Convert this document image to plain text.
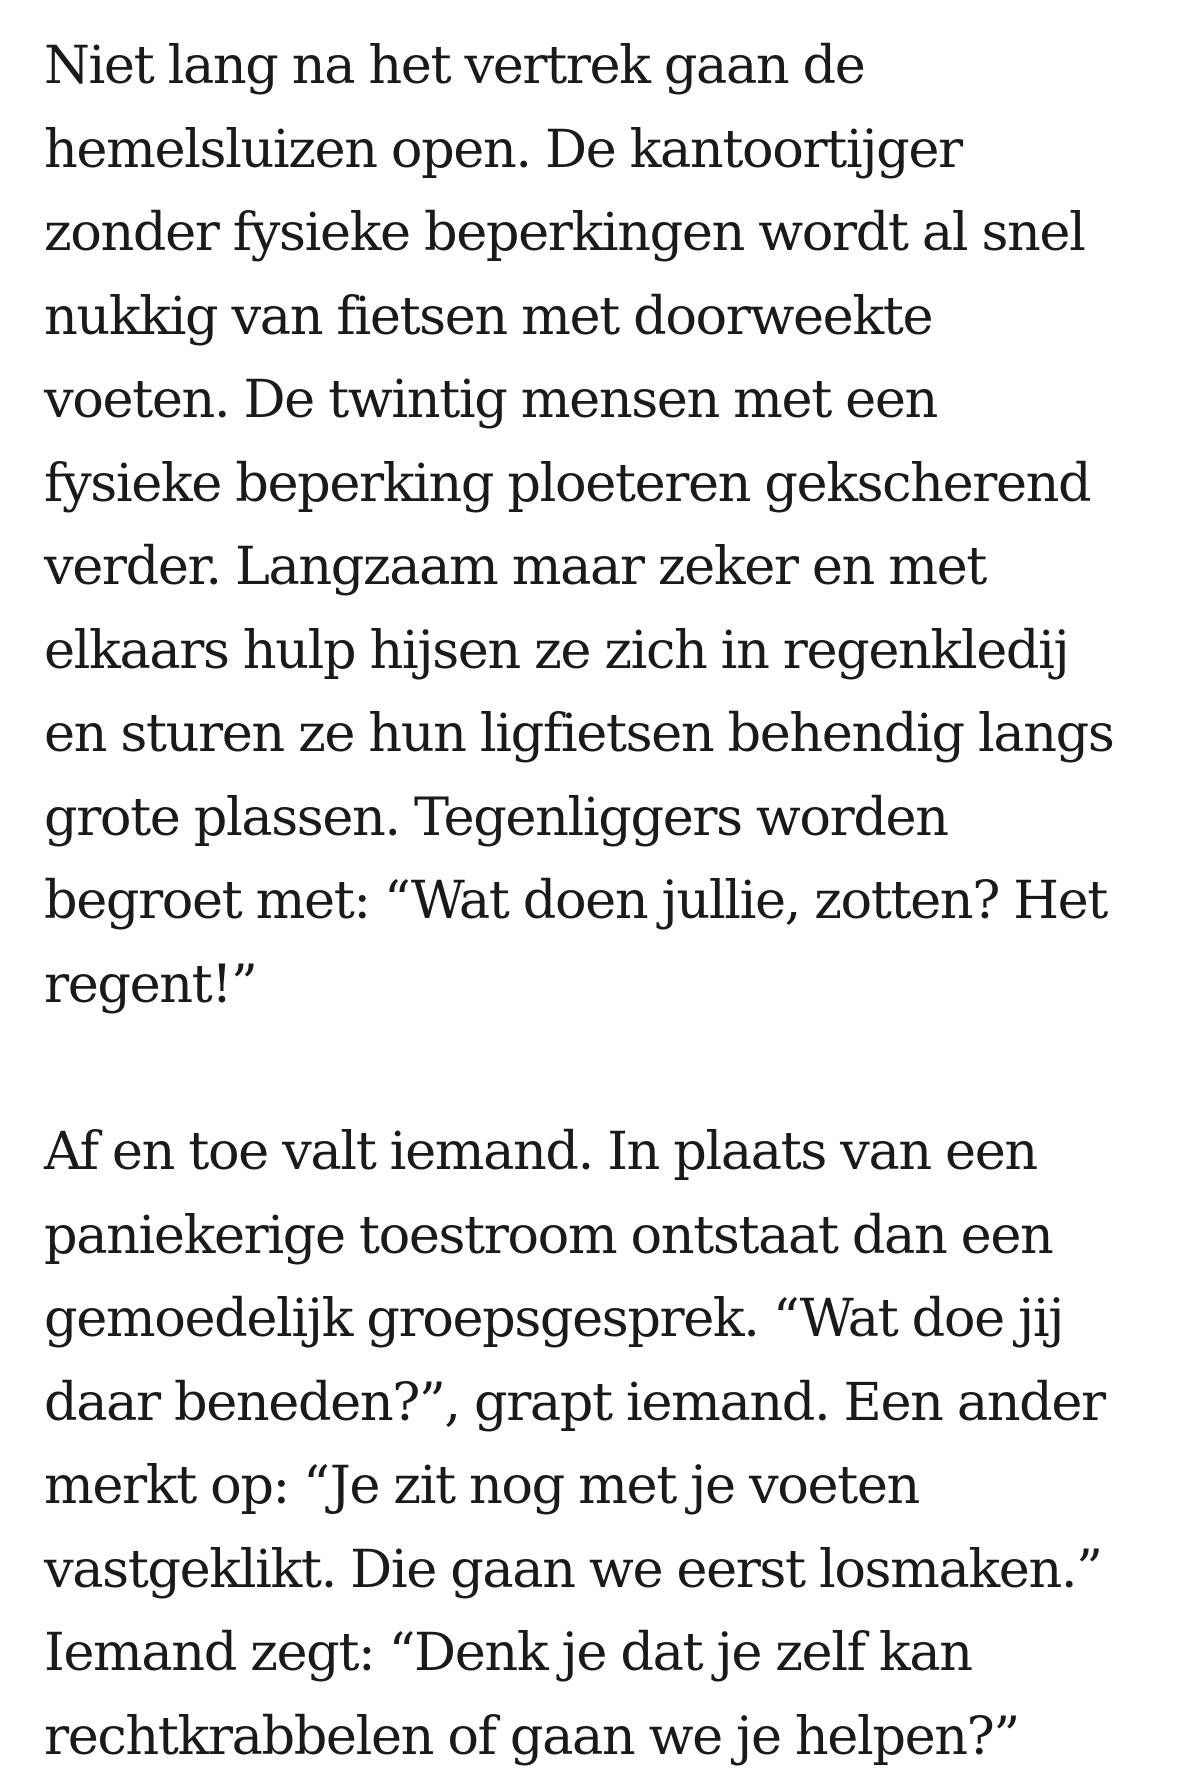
Niet lang na het vertrek gaan de
hemelsluizen open. De kantoortijger
zonder fysieke beperkingen wordt al snel
nukkig van fietsen met doorweekte
voeten. De twintig mensen met een
fysieke beperking ploeteren gekscherend
verder. Langzaam maar zeker en met
elkaars hulp hijsen ze zich in regenkledij
en sturen ze hun ligfietsen behendig langs
grote plassen. Tegenliggers worden
begroet met: “Wat doen jullie, zotten? Het
regent!”

Af en toe valt iemand. In plaats van een
paniekerige toestroom ontstaat dan een
gemoedelijk groepsgesprek. “Wat doe jij
daar beneden?”, grapt iemand. Een ander
merkt op: “Je zit nog met je voeten
vastgeklikt. Die gaan we eerst losmaken.”
Iemand zegt: “Denk je dat je zelf kan
rechtkrabbelen of gaan we je helpen?”
